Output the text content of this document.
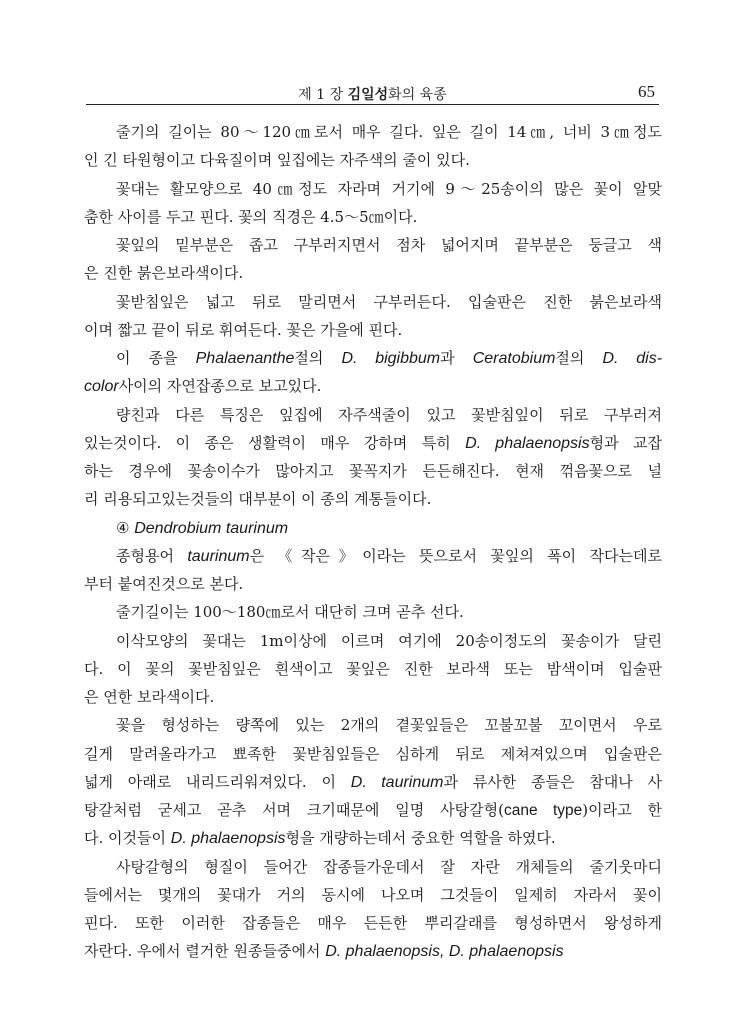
제 1 장 김일성화의 육종	65
줄기의 길이는 80～120㎝로서 매우 길다. 잎은 길이 14㎝, 너비 3㎝정도
인 긴 타원형이고 다육질이며 잎집에는 자주색의 줄이 있다.
꽃대는 활모양으로 40㎝정도 자라며 거기에 9～25송이의 많은 꽃이 알맞
춤한 사이를 두고 핀다. 꽃의 직경은 4.5～5㎝이다.
꽃잎의 밑부분은 좁고 구부러지면서 점차 넓어지며 끝부분은 둥글고 색
은 진한 붉은보라색이다.
꽃받침잎은 넓고 뒤로 말리면서 구부러든다. 입술판은 진한 붉은보라색
이며 짧고 끝이 뒤로 휘여든다. 꽃은 가을에 핀다.
이 종을 Phalaenanthe절의 D. bigibbum과 Ceratobium절의 D. dis-
color사이의 자연잡종으로 보고있다.
량친과 다른 특징은 잎집에 자주색줄이 있고 꽃받침잎이 뒤로 구부러져
있는것이다. 이 종은 생활력이 매우 강하며 특히 D. phalaenopsis형과 교잡
하는 경우에 꽃송이수가 많아지고 꽃꼭지가 든든해진다. 현재 꺾음꽃으로 널
리 리용되고있는것들의 대부분이 이 종의 계통들이다.
④ Dendrobium taurinum
종형용어 taurinum은 《작은》이라는 뜻으로서 꽃잎의 폭이 작다는데로
부터 붙여진것으로 본다.
줄기길이는 100～180㎝로서 대단히 크며 곧추 선다.
이삭모양의 꽃대는 1m이상에 이르며 여기에 20송이정도의 꽃송이가 달린
다. 이 꽃의 꽃받침잎은 흰색이고 꽃잎은 진한 보라색 또는 밤색이며 입술판
은 연한 보라색이다.
꽃을 형성하는 량쪽에 있는 2개의 곁꽃잎들은 꼬불꼬불 꼬이면서 우로
길게 말려올라가고 뾰족한 꽃받침잎들은 심하게 뒤로 제쳐져있으며 입술판은
넓게 아래로 내리드리워져있다. 이 D. taurinum과 류사한 종들은 참대나 사
탕갈처럼 굳세고 곧추 서며 크기때문에 일명 사탕갈형(cane type)이라고 한
다. 이것들이 D. phalaenopsis형을 개량하는데서 중요한 역할을 하였다.
사탕갈형의 형질이 들어간 잡종들가운데서 잘 자란 개체들의 줄기웃마디
들에서는 몇개의 꽃대가 거의 동시에 나오며 그것들이 일제히 자라서 꽃이
핀다. 또한 이러한 잡종들은 매우 든든한 뿌리갈래를 형성하면서 왕성하게
자란다. 우에서 렬거한 원종들중에서 D. phalaenopsis, D. phalaenopsis
